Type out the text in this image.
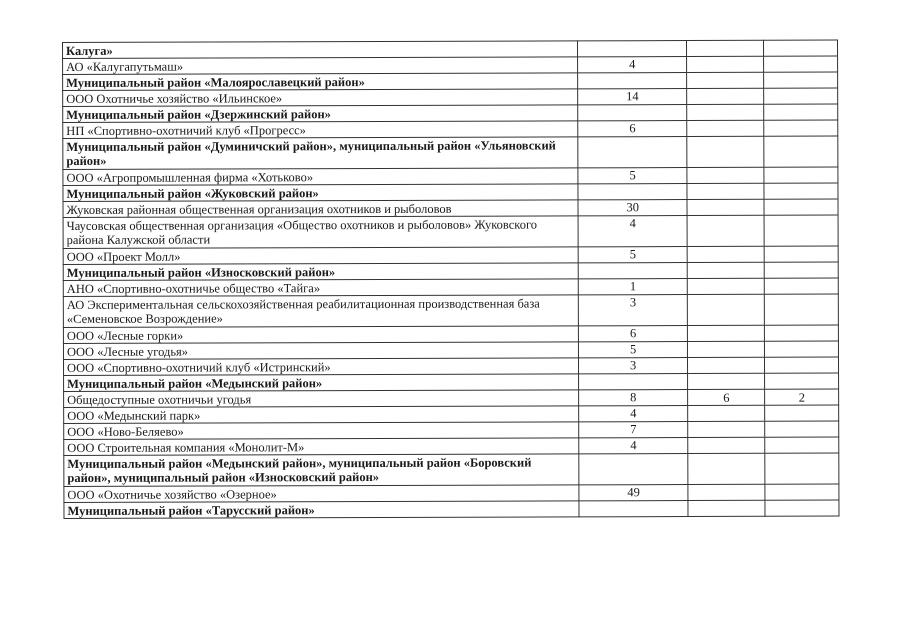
Калуга»			
АО «Калугапутьмаш»	4		
Муниципальный район «Малоярославецкий район»			
ООО Охотничье хозяйство «Ильинское»	14		
Муниципальный район «Дзержинский район»			
НП «Спортивно-охотничий клуб «Прогресс»	6		
Муниципальный район «Думиничский район», муниципальный район «Ульяновский район»			
ООО «Агропромышленная фирма «Хотьково»	5		
Муниципальный район «Жуковский район»			
Жуковская районная общественная организация охотников и рыболовов	30		
Чаусовская общественная организация «Общество охотников и рыболовов» Жуковского района Калужской области	4		
ООО «Проект Молл»	5		
Муниципальный район «Износковский район»			
АНО «Спортивно-охотничье общество «Тайга»	1		
АО Экспериментальная сельскохозяйственная реабилитационная производственная база «Семеновское Возрождение»	3		
ООО «Лесные горки»	6		
ООО «Лесные угодья»	5		
ООО «Спортивно-охотничий клуб «Истринский»	3		
Муниципальный район «Медынский район»			
Общедоступные охотничьи угодья	8	6	2
ООО «Медынский парк»	4		
ООО «Ново-Беляево»	7		
ООО Строительная компания «Монолит-М»	4		
Муниципальный район «Медынский район», муниципальный район «Боровский район», муниципальный район «Износковский район»			
ООО «Охотничье хозяйство «Озерное»	49		
Муниципальный район «Тарусский район»			
